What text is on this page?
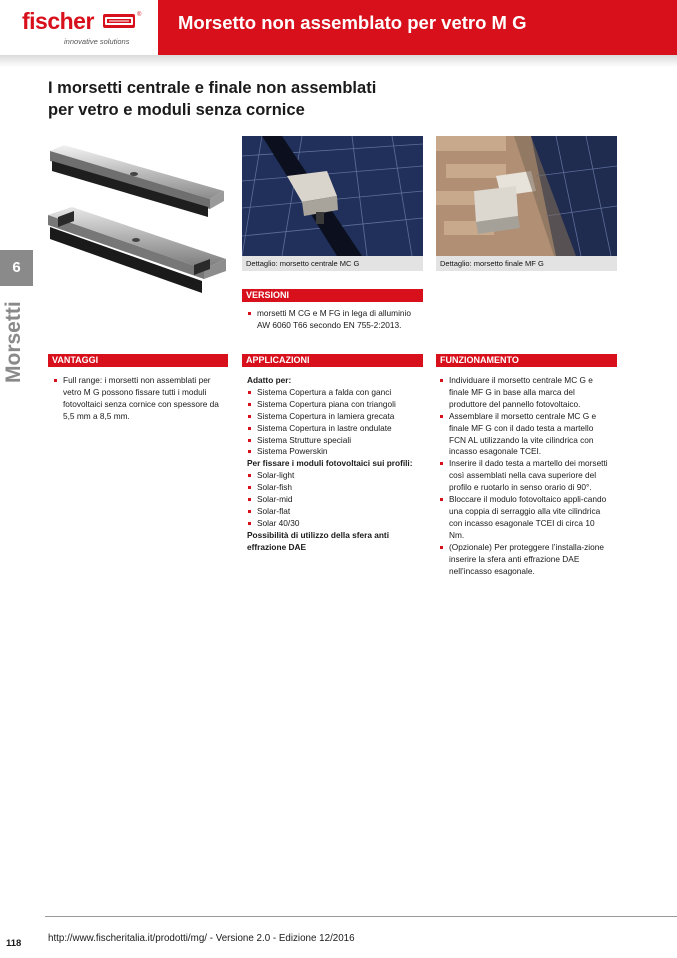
fischer	®
innovative solutions
Morsetto non assemblato per vetro M G
6
Morsetti
I morsetti centrale e finale non assemblati
per vetro e moduli senza cornice
Dettaglio: morsetto centrale MC G	Dettaglio: morsetto finale MF G
VERSIONI
morsetti M CG e M FG in lega di alluminio AW 6060 T66 secondo EN 755-2:2013.
VANTAGGI
Full range: i morsetti non assemblati per vetro M G possono fissare tutti i moduli fotovoltaici senza cornice con spessore da 5,5 mm a 8,5 mm.
APPLICAZIONI
Adatto per:
Sistema Copertura a falda con ganci
Sistema Copertura piana con triangoli
Sistema Copertura in lamiera grecata
Sistema Copertura in lastre ondulate
Sistema Strutture speciali
Sistema Powerskin
Per fissare i moduli fotovoltaici sui profili:
Solar-light
Solar-fish
Solar-mid
Solar-flat
Solar 40/30
Possibilità di utilizzo della sfera anti effrazione DAE
FUNZIONAMENTO
Individuare il morsetto centrale MC G e finale MF G in base alla marca del produttore del pannello fotovoltaico.
Assemblare il morsetto centrale MC G e finale MF G con il dado testa a martello FCN AL utilizzando la vite cilindrica con incasso esagonale TCEI.
Inserire il dado testa a martello dei morsetti così assemblati nella cava superiore del profilo e ruotarlo in senso orario di 90°.
Bloccare il modulo fotovoltaico appli-cando una coppia di serraggio alla vite cilindrica con incasso esagonale TCEI di circa 10 Nm.
(Opzionale) Per proteggere l’installa-zione inserire la sfera anti effrazione DAE nell’incasso esagonale.
118	http://www.fischeritalia.it/prodotti/mg/ - Versione 2.0 - Edizione 12/2016
